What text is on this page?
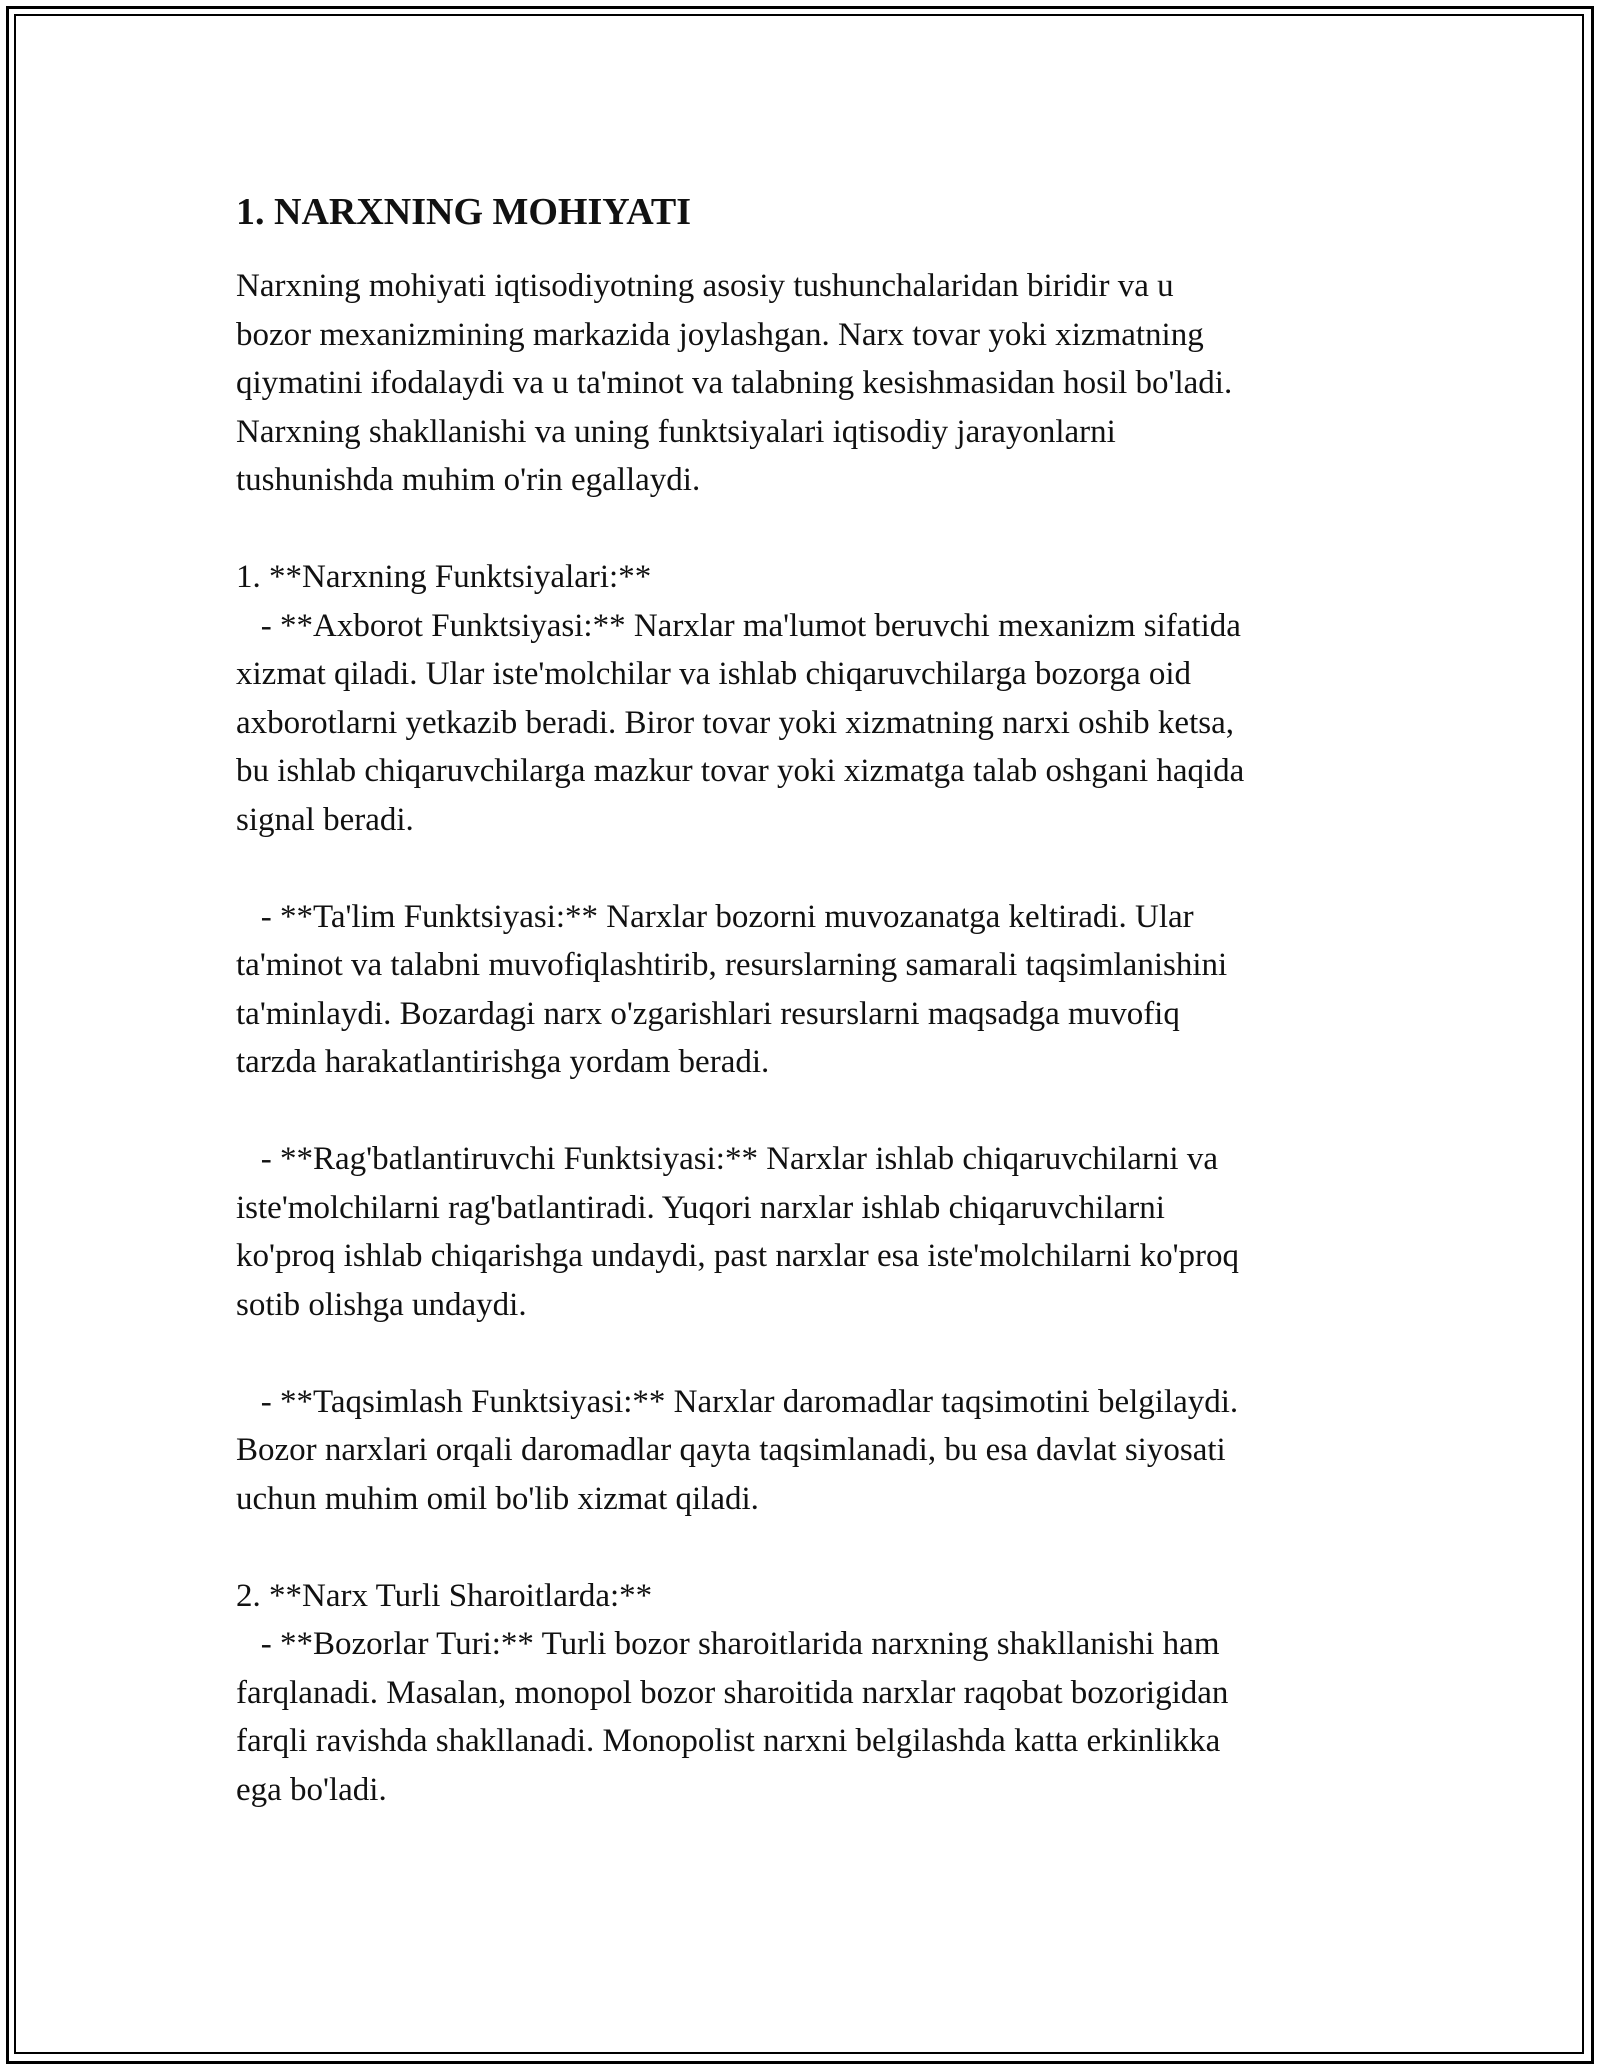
1. NARXNING MOHIYATI

Narxning mohiyati iqtisodiyotning asosiy tushunchalaridan biridir va u
bozor mexanizmining markazida joylashgan. Narx tovar yoki xizmatning
qiymatini ifodalaydi va u ta'minot va talabning kesishmasidan hosil bo'ladi.
Narxning shakllanishi va uning funktsiyalari iqtisodiy jarayonlarni
tushunishda muhim o'rin egallaydi.

1. **Narxning Funktsiyalari:**

- **Axborot Funktsiyasi:** Narxlar ma'lumot beruvchi mexanizm sifatida
xizmat qiladi. Ular iste'molchilar va ishlab chiqaruvchilarga bozorga oid
axborotlarni yetkazib beradi. Biror tovar yoki xizmatning narxi oshib ketsa,
bu ishlab chiqaruvchilarga mazkur tovar yoki xizmatga talab oshgani haqida
signal beradi.

- **Ta'lim Funktsiyasi:** Narxlar bozorni muvozanatga keltiradi. Ular
ta'minot va talabni muvofiqlashtirib, resurslarning samarali taqsimlanishini
ta'minlaydi. Bozardagi narx o'zgarishlari resurslarni maqsadga muvofiq
tarzda harakatlantirishga yordam beradi.

- **Rag'batlantiruvchi Funktsiyasi:** Narxlar ishlab chiqaruvchilarni va
iste'molchilarni rag'batlantiradi. Yuqori narxlar ishlab chiqaruvchilarni
ko'proq ishlab chiqarishga undaydi, past narxlar esa iste'molchilarni ko'proq
sotib olishga undaydi.

- **Taqsimlash Funktsiyasi:** Narxlar daromadlar taqsimotini belgilaydi.
Bozor narxlari orqali daromadlar qayta taqsimlanadi, bu esa davlat siyosati
uchun muhim omil bo'lib xizmat qiladi.

2. **Narx Turli Sharoitlarda:**

- **Bozorlar Turi:** Turli bozor sharoitlarida narxning shakllanishi ham
farqlanadi. Masalan, monopol bozor sharoitida narxlar raqobat bozorigidan
farqli ravishda shakllanadi. Monopolist narxni belgilashda katta erkinlikka
ega bo'ladi.
